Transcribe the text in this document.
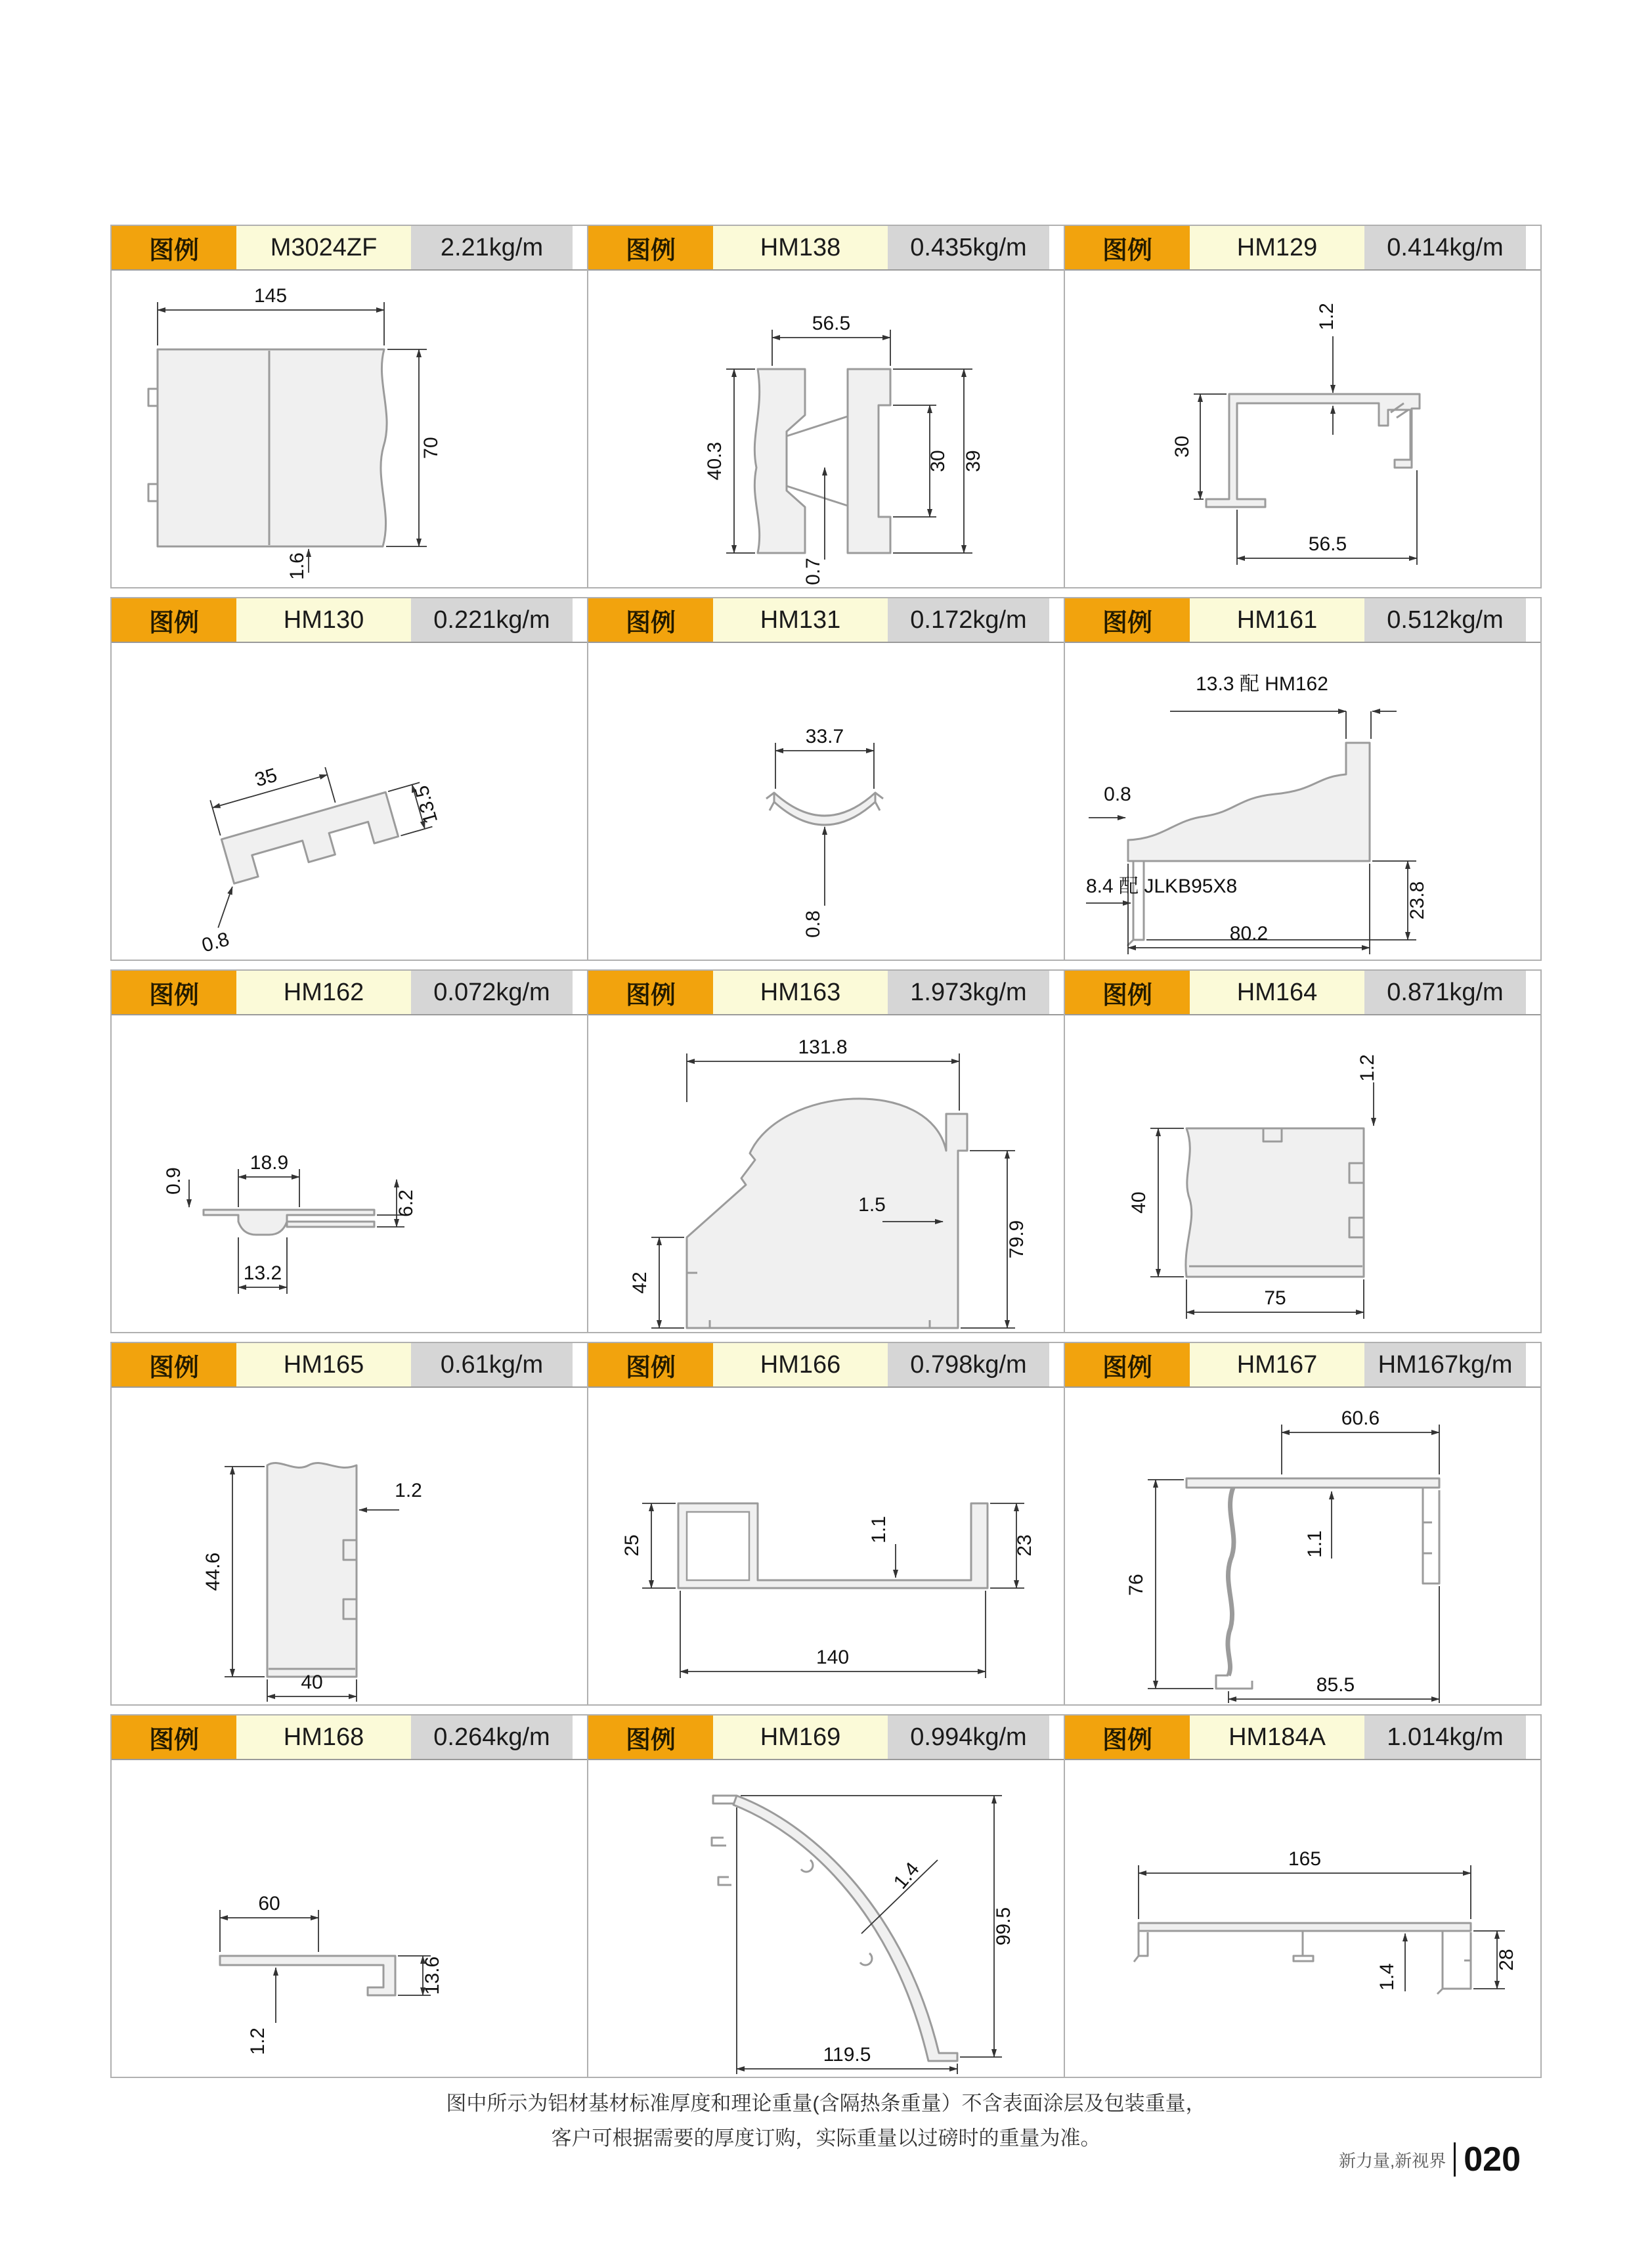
图例	M3024ZF	2.21kg/m
145
70
1.6
图例	HM138	0.435kg/m
56.5
40.3	30 39
0.7
图例	HM129	0.414kg/m
1.2
30
56.5
图例	HM130	0.221kg/m
35
13.5
0.8
图例	HM131	0.172kg/m
33.7
0.8
图例	HM161	0.512kg/m
13.3 配 HM162
0.8
8.4 配 JLKB95X8	23.8
80.2
图例	HM162	0.072kg/m
0.9
18.9
6.2
13.2
图例	HM163	1.973kg/m
131.8
1.5
79.9
42
图例	HM164	0.871kg/m
1.2
40
75
图例	HM165	0.61kg/m
44.6
1.2
40
图例	HM166	0.798kg/m
25
1.1
23
140
图例	HM167	HM167kg/m
60.6
1.1
76
85.5
图例	HM168	0.264kg/m
60
13.6
1.2
图例	HM169	0.994kg/m
1.4
99.5
119.5
图例	HM184A	1.014kg/m
165
1.4
28
图中所示为铝材基材标准厚度和理论重量(含隔热条重量）不含表面涂层及包装重量，
客户可根据需要的厚度订购，实际重量以过磅时的重量为准。
新力量,新视界 020
